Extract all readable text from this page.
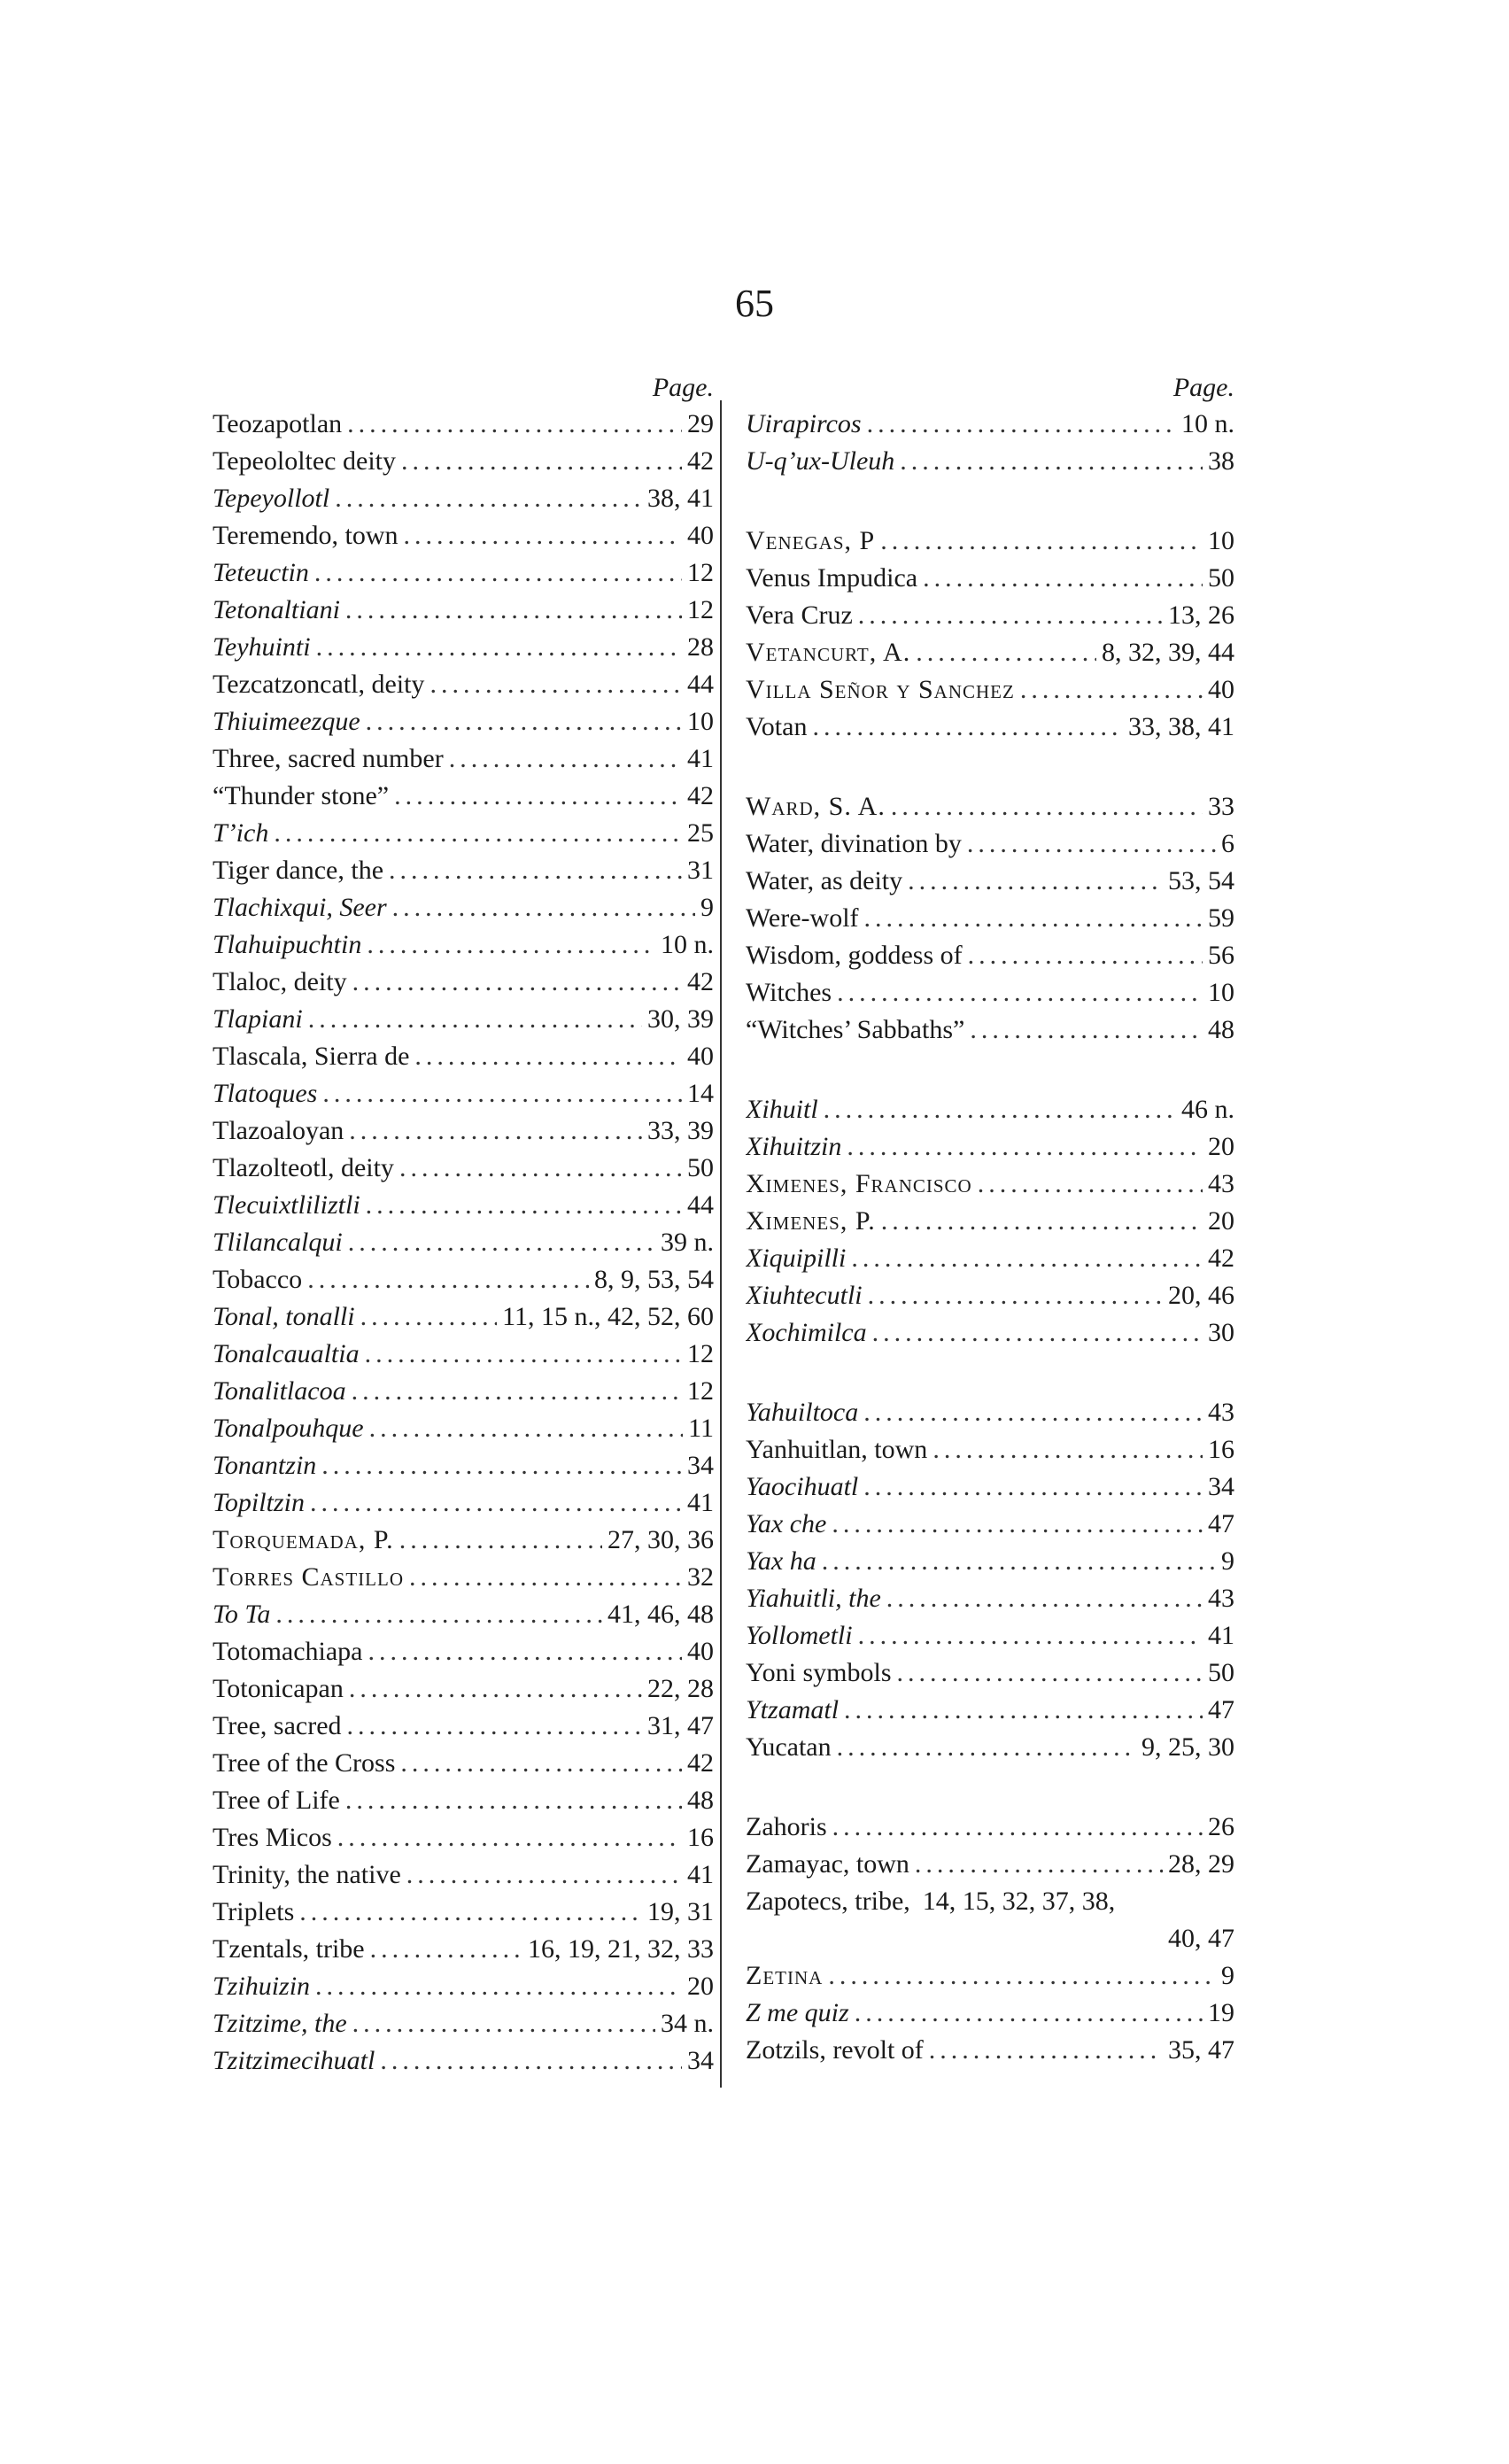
65
Page.
Teozapotlan .....	29
Tepeololtec deity .....	42
Tepeyollotl .....	38, 41
Teremendo, town .....	40
Teteuctin .....	12
Tetonaltiani .....	12
Teyhuinti .....	28
Tezcatzoncatl, deity .....	44
Thiuimeezque .....	10
Three, sacred number .....	41
“Thunder stone” .....	42
T’ich .....	25
Tiger dance, the .....	31
Tlachixqui, Seer .....	9
Tlahuipuchtin .....	10 n.
Tlaloc, deity .....	42
Tlapiani .....	30, 39
Tlascala, Sierra de .....	40
Tlatoques .....	14
Tlazoaloyan .....	33, 39
Tlazolteotl, deity .....	50
Tlecuixtliliztli .....	44
Tlilancalqui .....	39 n.
Tobacco .....	8, 9, 53, 54
Tonal, tonalli .....	11, 15 n., 42, 52, 60
Tonalcaualtia .....	12
Tonalitlacoa .....	12
Tonalpouhque .....	11
Tonantzin .....	34
Topiltzin .....	41
Torquemada, P. .....	27, 30, 36
Torres Castillo .....	32
To Ta .....	41, 46, 48
Totomachiapa .....	40
Totonicapan .....	22, 28
Tree, sacred .....	31, 47
Tree of the Cross .....	42
Tree of Life .....	48
Tres Micos .....	16
Trinity, the native .....	41
Triplets .....	19, 31
Tzentals, tribe .....	16, 19, 21, 32, 33
Tzihuizin .....	20
Tzitzime, the .....	34 n.
Tzitzimecihuatl .....	34
Page.
Uirapircos .....	10 n.
U-q’ux-Uleuh .....	38
Venegas, P .....	10
Venus Impudica .....	50
Vera Cruz .....	13, 26
Vetancurt, A. .....	8, 32, 39, 44
Villa Señor y Sanchez .....	40
Votan .....	33, 38, 41
Ward, S. A. .....	33
Water, divination by .....	6
Water, as deity .....	53, 54
Were-wolf .....	59
Wisdom, goddess of .....	56
Witches .....	10
“Witches’ Sabbaths” .....	48
Xihuitl .....	46 n.
Xihuitzin .....	20
Ximenes, Francisco .....	43
Ximenes, P. .....	20
Xiquipilli .....	42
Xiuhtecutli .....	20, 46
Xochimilca .....	30
Yahuiltoca .....	43
Yanhuitlan, town .....	16
Yaocihuatl .....	34
Yax che .....	47
Yax ha .....	9
Yiahuitli, the .....	43
Yollometli .....	41
Yoni symbols .....	50
Ytzamatl .....	47
Yucatan .....	9, 25, 30
Zahoris .....	26
Zamayac, town .....	28, 29
Zapotecs, tribe, 14, 15, 32, 37, 38,
40, 47
Zetina .....	9
Z me quiz .....	19
Zotzils, revolt of .....	35, 47
